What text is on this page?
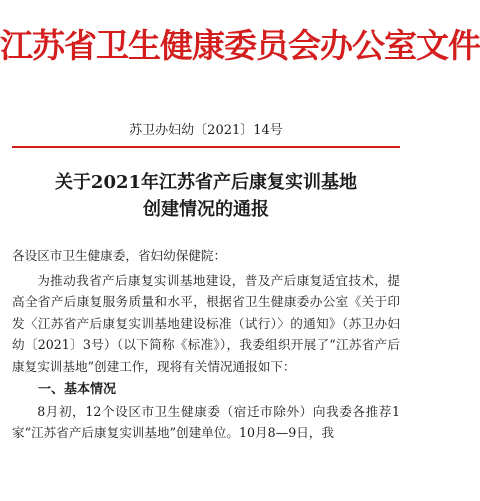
江苏省卫生健康委员会办公室文件
苏卫办妇幼〔2021〕14号
关于2021年江苏省产后康复实训基地
创建情况的通报

各设区市卫生健康委，省妇幼保健院：

为推动我省产后康复实训基地建设，普及产后康复适宜技术，提高全省产后康复服务质量和水平，根据省卫生健康委办公室《关于印发〈江苏省产后康复实训基地建设标准（试行）〉的通知》（苏卫办妇幼〔2021〕3号）（以下简称《标准》），我委组织开展了“江苏省产后康复实训基地”创建工作，现将有关情况通报如下：

一、基本情况

8月初，12个设区市卫生健康委（宿迁市除外）向我委各推荐1家“江苏省产后康复实训基地”创建单位。10月8—9日，我
